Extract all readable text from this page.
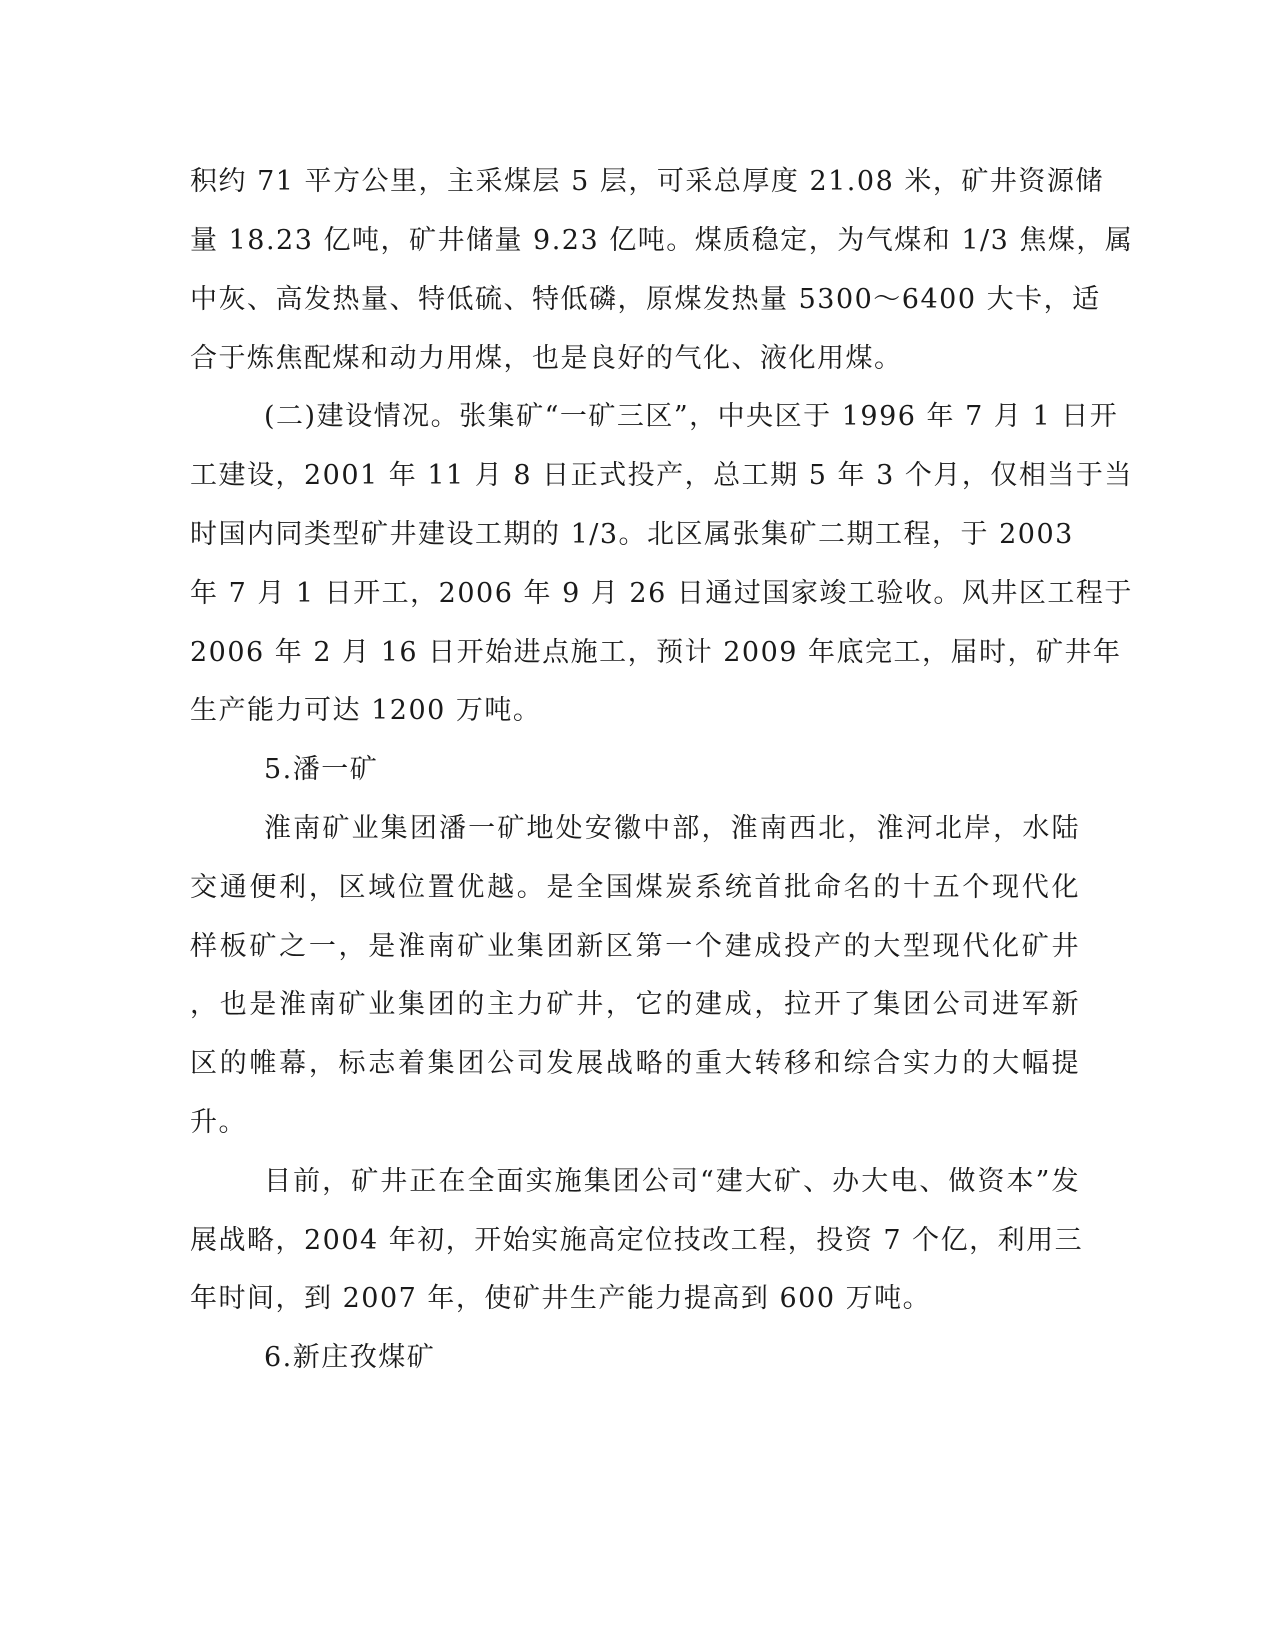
积约 71 平方公里，主采煤层 5 层，可采总厚度 21.08 米，矿井资源储
量 18.23 亿吨，矿井储量 9.23 亿吨。煤质稳定，为气煤和 1/3 焦煤，属
中灰、高发热量、特低硫、特低磷，原煤发热量 5300～6400 大卡，适
合于炼焦配煤和动力用煤，也是良好的气化、液化用煤。
(二)建设情况。张集矿“一矿三区”，中央区于 1996 年 7 月 1 日开
工建设，2001 年 11 月 8 日正式投产，总工期 5 年 3 个月，仅相当于当
时国内同类型矿井建设工期的 1/3。北区属张集矿二期工程，于 2003
年 7 月 1 日开工，2006 年 9 月 26 日通过国家竣工验收。风井区工程于
2006 年 2 月 16 日开始进点施工，预计 2009 年底完工，届时，矿井年
生产能力可达 1200 万吨。
5.潘一矿
淮南矿业集团潘一矿地处安徽中部，淮南西北，淮河北岸，水陆
交通便利，区域位置优越。是全国煤炭系统首批命名的十五个现代化
样板矿之一，是淮南矿业集团新区第一个建成投产的大型现代化矿井
，也是淮南矿业集团的主力矿井，它的建成，拉开了集团公司进军新
区的帷幕，标志着集团公司发展战略的重大转移和综合实力的大幅提
升。
目前，矿井正在全面实施集团公司“建大矿、办大电、做资本”发
展战略，2004 年初，开始实施高定位技改工程，投资 7 个亿，利用三
年时间，到 2007 年，使矿井生产能力提高到 600 万吨。
6.新庄孜煤矿
